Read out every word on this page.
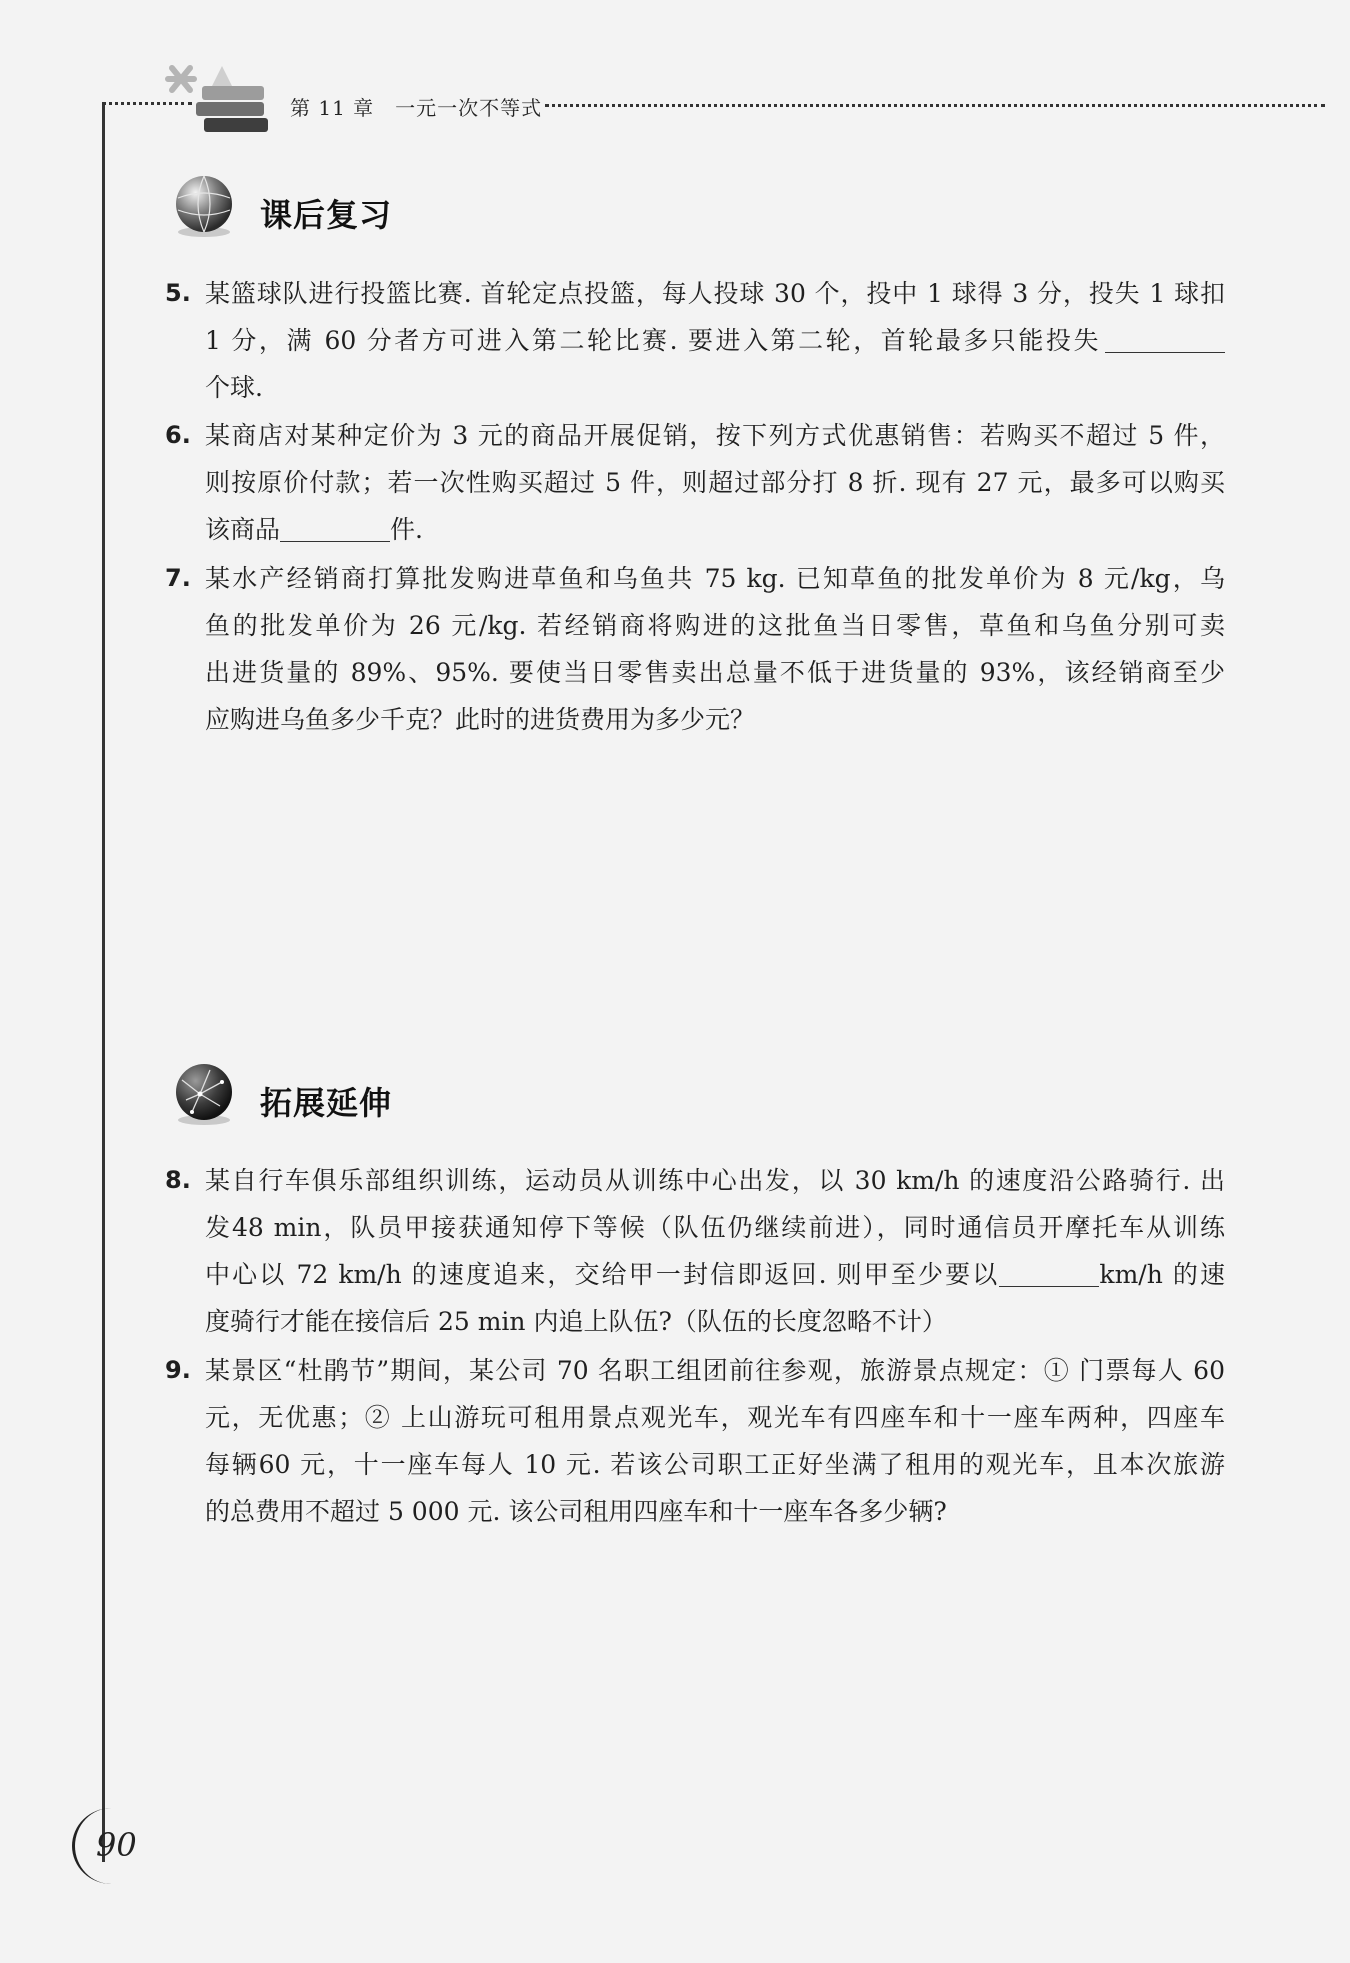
第 11 章　一元一次不等式
课后复习
5. 某篮球队进行投篮比赛. 首轮定点投篮，每人投球 30 个，投中 1 球得 3 分，投失 1 球扣
1 分，满 60 分者方可进入第二轮比赛. 要进入第二轮，首轮最多只能投失
个球.
6. 某商店对某种定价为 3 元的商品开展促销，按下列方式优惠销售：若购买不超过 5 件，
则按原价付款；若一次性购买超过 5 件，则超过部分打 8 折. 现有 27 元，最多可以购买
该商品	件.
7. 某水产经销商打算批发购进草鱼和乌鱼共 75 kg. 已知草鱼的批发单价为 8 元/kg，乌
鱼的批发单价为 26 元/kg. 若经销商将购进的这批鱼当日零售，草鱼和乌鱼分别可卖
出进货量的 89%、95%. 要使当日零售卖出总量不低于进货量的 93%，该经销商至少
应购进乌鱼多少千克？此时的进货费用为多少元？
拓展延伸
8. 某自行车俱乐部组织训练，运动员从训练中心出发，以 30 km/h 的速度沿公路骑行. 出
发48 min，队员甲接获通知停下等候（队伍仍继续前进），同时通信员开摩托车从训练
中心以 72 km/h 的速度追来，交给甲一封信即返回. 则甲至少要以	km/h 的速
度骑行才能在接信后 25 min 内追上队伍?（队伍的长度忽略不计）
9. 某景区“杜鹃节”期间，某公司 70 名职工组团前往参观，旅游景点规定：① 门票每人 60
元，无优惠；② 上山游玩可租用景点观光车，观光车有四座车和十一座车两种，四座车
每辆60 元，十一座车每人 10 元. 若该公司职工正好坐满了租用的观光车，且本次旅游
的总费用不超过 5 000 元. 该公司租用四座车和十一座车各多少辆?
90
